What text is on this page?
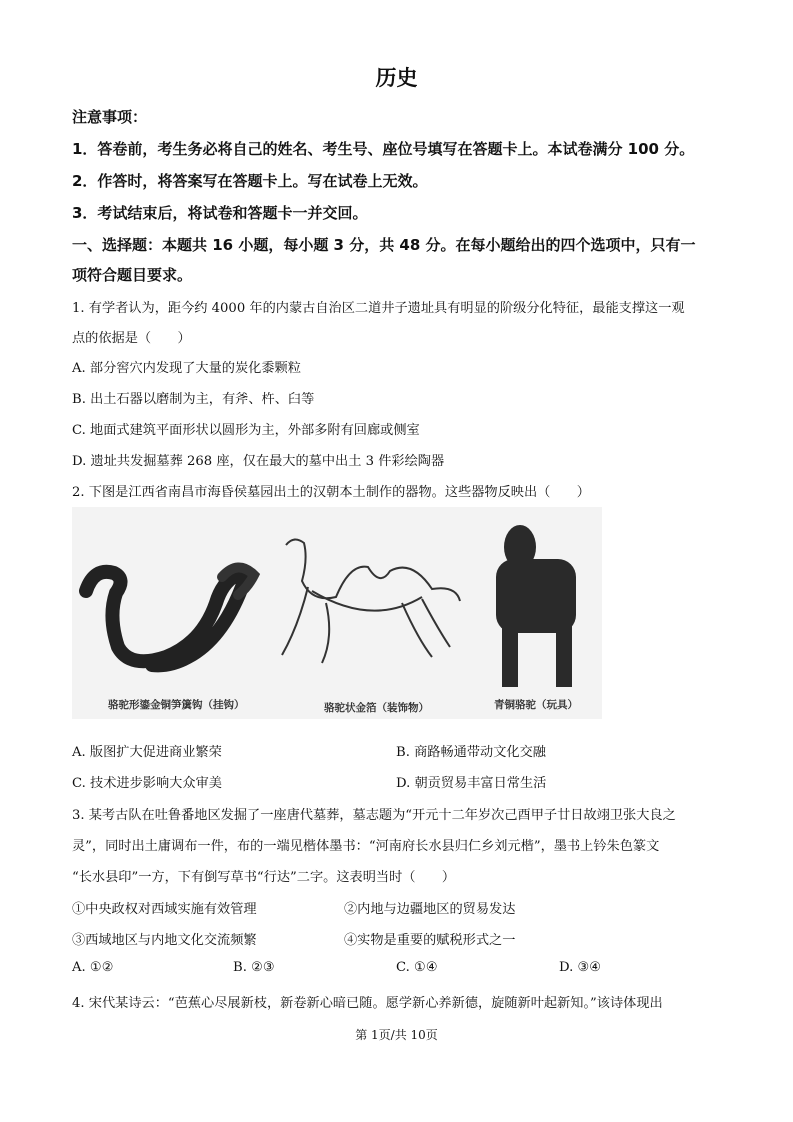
历史
注意事项：
1．答卷前，考生务必将自己的姓名、考生号、座位号填写在答题卡上。本试卷满分 100 分。
2．作答时，将答案写在答题卡上。写在试卷上无效。
3．考试结束后，将试卷和答题卡一并交回。
一、选择题：本题共 16 小题，每小题 3 分，共 48 分。在每小题给出的四个选项中，只有一
项符合题目要求。
1. 有学者认为，距今约 4000 年的内蒙古自治区二道井子遗址具有明显的阶级分化特征，最能支撑这一观
点的依据是（　　）
A. 部分窖穴内发现了大量的炭化黍颗粒
B. 出土石器以磨制为主，有斧、杵、臼等
C. 地面式建筑平面形状以圆形为主，外部多附有回廊或侧室
D. 遗址共发掘墓葬 268 座，仅在最大的墓中出土 3 件彩绘陶器
2. 下图是江西省南昌市海昏侯墓园出土的汉朝本土制作的器物。这些器物反映出（　　）
骆驼形鎏金铜笋簴钩（挂钩）	骆驼状金箔（装饰物）	青铜骆驼（玩具）
A. 版图扩大促进商业繁荣	B. 商路畅通带动文化交融
C. 技术进步影响大众审美	D. 朝贡贸易丰富日常生活
3. 某考古队在吐鲁番地区发掘了一座唐代墓葬，墓志题为“开元十二年岁次己酉甲子廿日故翊卫张大良之
灵”，同时出土庸调布一件，布的一端见楷体墨书：“河南府长水县归仁乡刘元楷”，墨书上钤朱色篆文
“长水县印”一方，下有倒写草书“行达”二字。这表明当时（　　）
①中央政权对西域实施有效管理	②内地与边疆地区的贸易发达
③西域地区与内地文化交流频繁	④实物是重要的赋税形式之一
A. ①②	B. ②③	C. ①④	D. ③④
4. 宋代某诗云：“芭蕉心尽展新枝，新卷新心暗已随。愿学新心养新德，旋随新叶起新知。”该诗体现出
第 1页/共 10页
